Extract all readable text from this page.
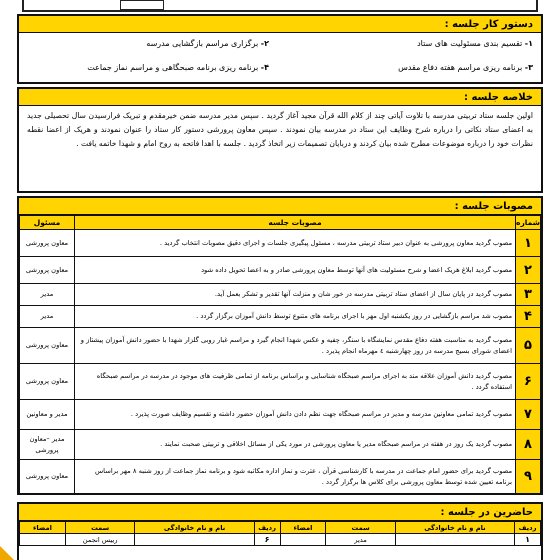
دستور کار جلسه :
۱- تقسیم بندی مسئولیت های ستاد
۲- برگزاری مراسم بازگشایی مدرسه
۳- برنامه ریزی مراسم هفته دفاع مقدس
۴- برنامه ریزی برنامه صبحگاهی و مراسم نماز جماعت
خلاصه جلسه :
اولین جلسه ستاد تربیتی مدرسه با تلاوت آیاتی چند از کلام الله قرآن مجید آغاز گردید . سپس مدیر مدرسه ضمن خیرمقدم و تبریک فرارسیدن سال تحصیلی جدید به اعضای ستاد نکاتی را درباره شرح وظایف این ستاد در مدرسه بیان نمودند . سپس معاون پرورشی دستور کار ستاد را عنوان نمودند و هریک از اعضا نقطه نظرات خود را درباره موضوعات مطرح شده بیان کردند و دربایان تصمیمات زیر اتخاذ گردید . جلسه با اهدا فاتحه به روح امام و شهدا خاتمه یافت .
مصوبات جلسه :
شماره	مصوبات جلسه	مسئول
۱	مصوب گردید معاون پرورشی به عنوان دبیر ستاد تربیتی مدرسه ، مسئول پیگیری جلسات و اجرای دقیق مصوبات انتخاب گردید .	معاون پرورشی
۲	مصوب گردید ابلاغ هریک اعضا و شرح مسئولیت های آنها توسط معاون پرورشی صادر و به اعضا تحویل داده شود	معاون پرورشی
۳	مصوب گردید در پایان سال از اعضای ستاد تربیتی مدرسه در خور شان و منزلت آنها تقدیر و تشکر بعمل آید.	مدیر
۴	مصوب شد مراسم بازگشایی در روز یکشنبه اول مهر با اجرای برنامه های متنوع توسط دانش آموزان برگزار گردد .	مدیر
۵	مصوب گردید به مناسبت هفته دفاع مقدس نمایشگاه با سنگر، چفیه و عکس شهدا انجام گیرد و مراسم غبار روبی گلزار شهدا با حضور دانش آموزان پیشتاز و اعضای شورای بسیج مدرسه در روز چهارشنبه ٤ مهرماه انجام پذیرد .	معاون پرورشی
۶	مصوب گردید دانش آموزان علاقه مند به اجرای مراسم صبحگاه شناسایی و براساس برنامه از تمامی ظرفیت های موجود در مدرسه در مراسم صبحگاه استفاده گردد .	معاون پرورشی
۷	مصوب گردید تمامی معاونین مدرسه و مدیر در مراسم صبحگاه جهت نظم دادن دانش آموزان حضور داشته و تقسیم وظایف صورت پذیرد .	مدیر و معاونین
۸	مصوب گردید یک روز در هفته در مراسم صبحگاه مدیر یا معاون پرورشی در مورد یکی از مسائل اخلاقی و تربیتی صحبت نمایند .	مدیر –معاون پرورشی
۹	مصوب گردید برای حضور امام جماعت در مدرسه با کارشناسی قرآن ، عترت و نماز اداره مکاتبه شود و برنامه نماز جماعت از روز شنبه ۸ مهر براساس برنامه تعیین شده توسط معاون پرورشی برای کلاس ها برگزار گردد .	معاون پرورشی
حاضرین در جلسه :
ردیف	نام و نام خانوادگی	سمت	امضاء	ردیف	نام و نام خانوادگی	سمت	امضاء
۱		مدیر		۶		رییس انجمن	
